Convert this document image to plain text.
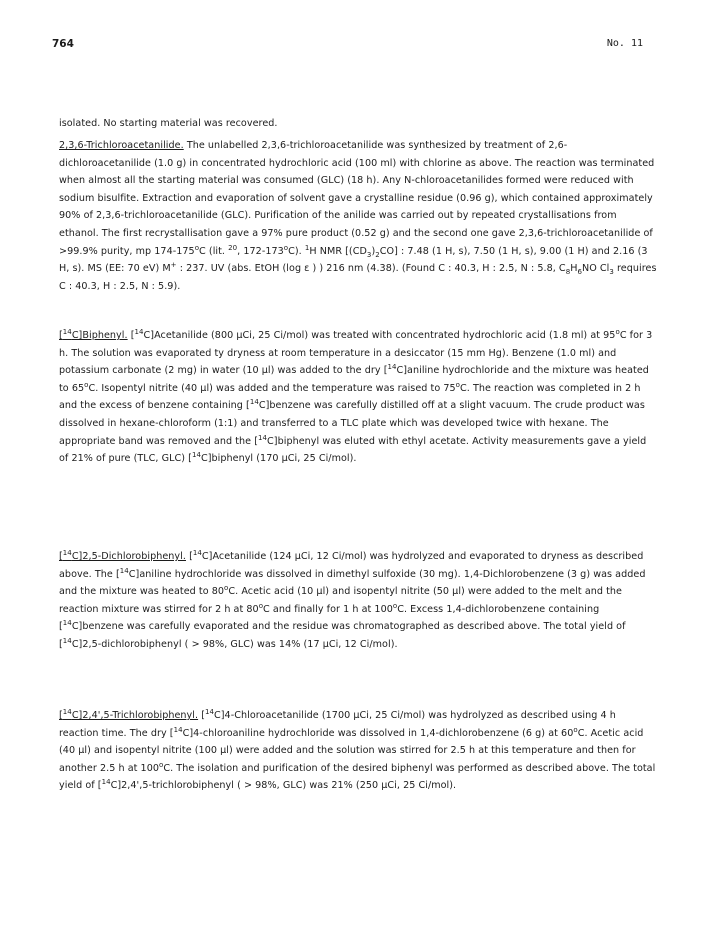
764	No. 11

isolated. No starting material was recovered.

2,3,6-Trichloroacetanilide. The unlabelled 2,3,6-trichloroacetanilide was synthesized by treatment of 2,6-dichloroacetanilide (1.0 g) in concentrated hydrochloric acid (100 ml) with chlorine as above. The reaction was terminated when almost all the starting material was consumed (GLC) (18 h). Any N-chloroacetanilides formed were reduced with sodium bisulfite. Extraction and evaporation of solvent gave a crystalline residue (0.96 g), which contained approximately 90% of 2,3,6-trichloroacetanilide (GLC). Purification of the anilide was carried out by repeated crystallisations from ethanol. The first recrystallisation gave a 97% pure product (0.52 g) and the second one gave 2,3,6-trichloroacetanilide of >99.9% purity, mp 174-175$^o$C (lit. $^{20}$, 172-173$^o$C). $^1$H NMR $[(CD_3)_2CO]$ : 7.48 (1 H, s), 7.50 (1 H, s), 9.00 (1 H) and 2.16 (3 H, s). MS (EE: 70 eV) M+ : 237. UV (abs. EtOH (log ε ) ) 216 nm (4.38). (Found C : 40.3, H : 2.5, N : 5.8, $C_8H_6NO$ $Cl_3$ requires C : 40.3, H : 2.5, N : 5.9).

[$^{14}$C]Biphenyl. [$^{14}$C]Acetanilide (800 μCi, 25 Ci/mol) was treated with concentrated hydrochloric acid (1.8 ml) at 95$^o$C for 3 h. The solution was evaporated ty dryness at room temperature in a desiccator (15 mm Hg). Benzene (1.0 ml) and potassium carbonate (2 mg) in water (10 μl) was added to the dry [$^{14}$C]aniline hydrochloride and the mixture was heated to 65$^o$C. Isopentyl nitrite (40 μl) was added and the temperature was raised to 75$^o$C. The reaction was completed in 2 h and the excess of benzene containing [$^{14}$C]benzene was carefully distilled off at a slight vacuum. The crude product was dissolved in hexane-chloroform (1:1) and transferred to a TLC plate which was developed twice with hexane. The appropriate band was removed and the [$^{14}$C]biphenyl was eluted with ethyl acetate. Activity measurements gave a yield of 21% of pure (TLC, GLC) [$^{14}$C]biphenyl (170 μCi, 25 Ci/mol).

[$^{14}$C]2,5-Dichlorobiphenyl. [$^{14}$C]Acetanilide (124 μCi, 12 Ci/mol) was hydrolyzed and evaporated to dryness as described above. The [$^{14}$C]aniline hydrochloride was dissolved in dimethyl sulfoxide (30 mg). 1,4-Dichlorobenzene (3 g) was added and the mixture was heated to 80$^o$C. Acetic acid (10 μl) and isopentyl nitrite (50 μl) were added to the melt and the reaction mixture was stirred for 2 h at 80$^o$C and finally for 1 h at 100$^o$C. Excess 1,4-dichlorobenzene containing [$^{14}$C]benzene was carefully evaporated and the residue was chromatographed as described above. The total yield of [$^{14}$C]2,5-dichlorobiphenyl ( > 98%, GLC) was 14% (17 μCi, 12 Ci/mol).

[$^{14}$C]2,4',5-Trichlorobiphenyl. [$^{14}$C]4-Chloroacetanilide (1700 μCi, 25 Ci/mol) was hydrolyzed as described using 4 h reaction time. The dry [$^{14}$C]4-chloroaniline hydrochloride was dissolved in 1,4-dichlorobenzene (6 g) at 60$^o$C. Acetic acid (40 μl) and isopentyl nitrite (100 μl) were added and the solution was stirred for 2.5 h at this temperature and then for another 2.5 h at 100$^o$C. The isolation and purification of the desired biphenyl was performed as described above. The total yield of [$^{14}$C]2,4',5-trichlorobiphenyl ( > 98%, GLC) was 21% (250 μCi, 25 Ci/mol).
